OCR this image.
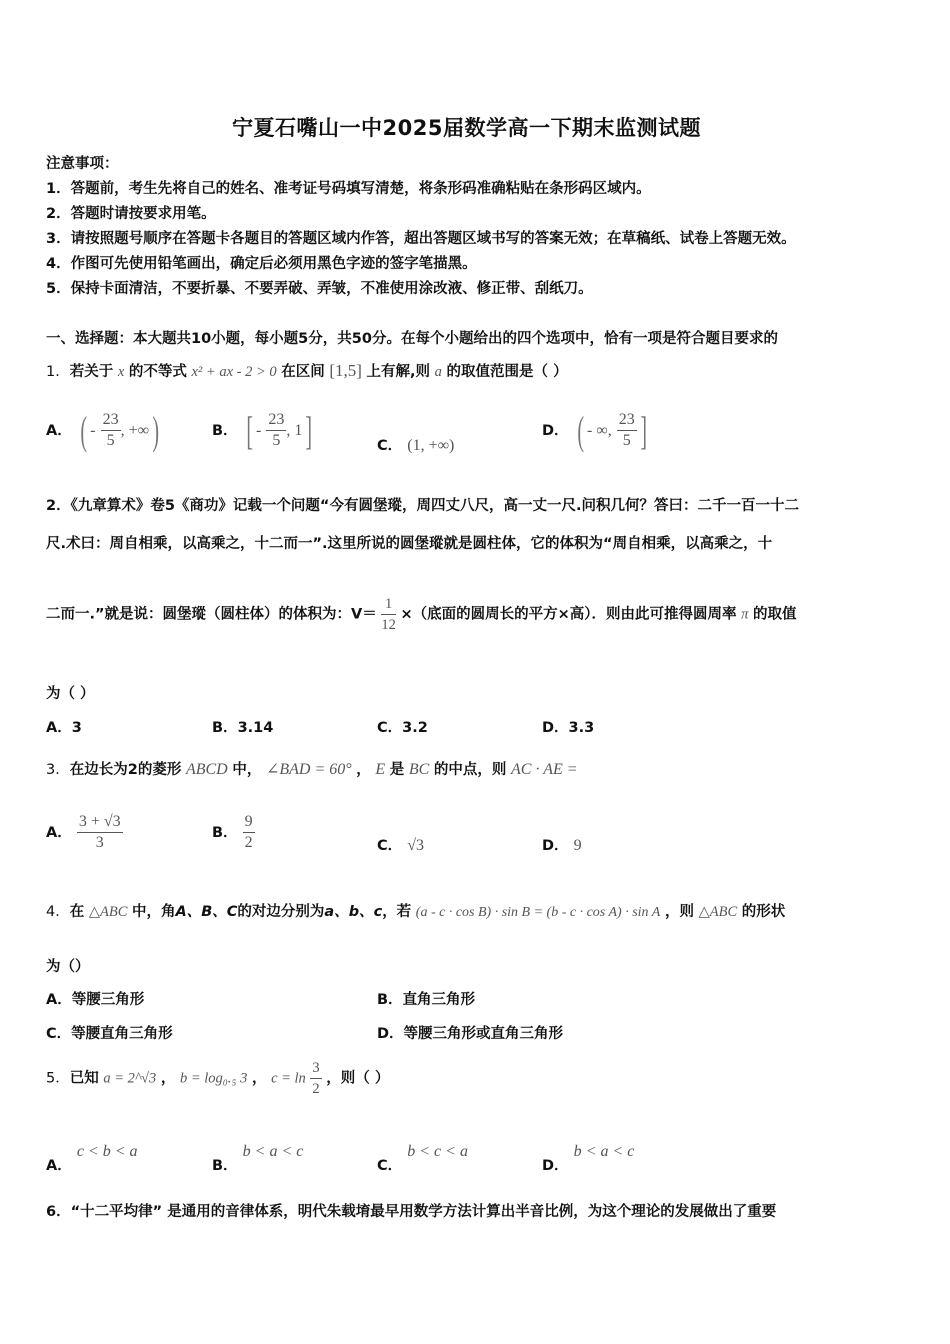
宁夏石嘴山一中2025届数学高一下期末监测试题
注意事项：
1．答题前，考生先将自己的姓名、准考证号码填写清楚，将条形码准确粘贴在条形码区域内。
2．答题时请按要求用笔。
3．请按照题号顺序在答题卡各题目的答题区域内作答，超出答题区域书写的答案无效；在草稿纸、试卷上答题无效。
4．作图可先使用铅笔画出，确定后必须用黑色字迹的签字笔描黑。
5．保持卡面清洁，不要折暴、不要弄破、弄皱，不准使用涂改液、修正带、刮纸刀。
一、选择题：本大题共10小题，每小题5分，共50分。在每个小题给出的四个选项中，恰有一项是符合题目要求的
1．若关于 x 的不等式 x² + ax - 2 > 0 在区间 [1,5] 上有解,则 a 的取值范围是（ ）
A． ( - $\frac{23}{5}$ , +∞)	B． [ - $\frac{23}{5}$ , 1]	C． (1, +∞)
D． ( - ∞, $\frac{23}{5}$ ]
2．《九章算术》卷5《商功》记载一个问题“今有圆堡瑽，周四丈八尺，高一丈一尺.问积几何？答曰：二千一百一十二
尺.术曰：周自相乘，以高乘之，十二而一”.这里所说的圆堡瑽就是圆柱体，它的体积为“周自相乘，以高乘之，十
二而一.”就是说：圆堡瑽（圆柱体）的体积为：$V= \frac{1}{12}$ ×（底面的圆周长的平方×高）．则由此可推得圆周率 π 的取值
为（ ）
A．3	B．3.14	C．3.2	D．3.3
3．在边长为2的菱形 ABCD 中， ∠BAD = 60° ， E 是 BC 的中点，则 AC · AE =
A． $\frac{3 + √3}{3}$	B． $\frac{9}{2}$	C． √3	D． 9
4．在 △ABC 中，角A、B、C的对边分别为a、b、c，若 (a - c · cos B) · sin B = (b - c · cos A) · sin A ，则 △ABC 的形状
为（）
A．等腰三角形	B．直角三角形
C．等腰直角三角形	D．等腰三角形或直角三角形
5．已知 a = 2^√3 ， b = log₀.₅ 3 ， $c = \ln \frac{3}{2}$ ，则（ ）
A． c < b < a
B． b < a < c
C． b < c < a
D． b < a < c
6．“十二平均律” 是通用的音律体系，明代朱载堉最早用数学方法计算出半音比例，为这个理论的发展做出了重要
